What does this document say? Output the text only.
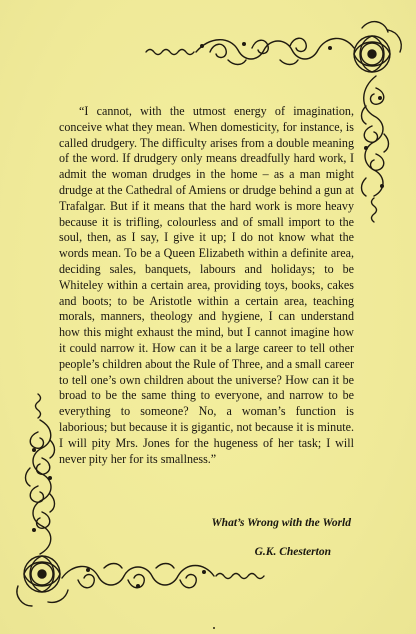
“I cannot, with the utmost energy of imagination, conceive what they mean. When domesticity, for instance, is called drudgery. The difficulty arises from a double meaning of the word. If drudgery only means dreadfully hard work, I admit the woman drudges in the home – as a man might drudge at the Cathedral of Amiens or drudge behind a gun at Trafalgar. But if it means that the hard work is more heavy because it is trifling, colourless and of small import to the soul, then, as I say, I give it up; I do not know what the words mean. To be a Queen Elizabeth within a definite area, deciding sales, banquets, labours and holidays; to be Whiteley within a certain area, providing toys, books, cakes and boots; to be Aristotle within a certain area, teaching morals, manners, theology and hygiene, I can understand how this might exhaust the mind, but I cannot imagine how it could narrow it. How can it be a large career to tell other people’s children about the Rule of Three, and a small career to tell one’s own children about the universe? How can it be broad to be the same thing to everyone, and narrow to be everything to someone? No, a woman’s function is laborious; but because it is gigantic, not because it is minute. I will pity Mrs. Jones for the hugeness of her task; I will never pity her for its smallness.”

What’s Wrong with the World

G.K. Chesterton
